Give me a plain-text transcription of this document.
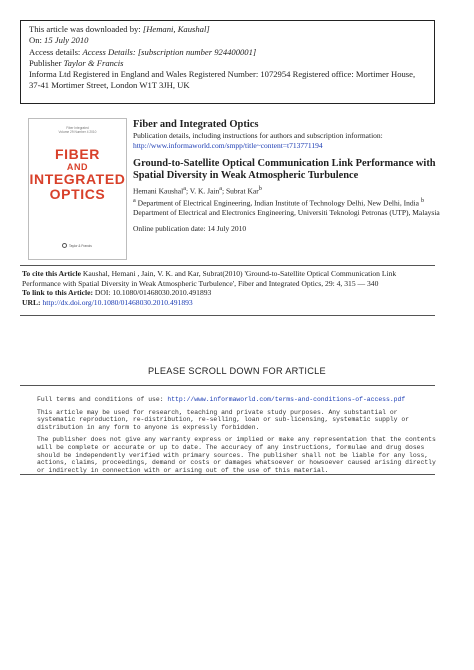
This article was downloaded by: [Hemani, Kaushal]
On: 15 July 2010
Access details: Access Details: [subscription number 924400001]
Publisher Taylor & Francis
Informa Ltd Registered in England and Wales Registered Number: 1072954 Registered office: Mortimer House, 37-41 Mortimer Street, London W1T 3JH, UK
Fiber Integrated
Volume 29 Number 4 2010
FIBER
AND
INTEGRATED
OPTICS
Taylor & Francis
Fiber and Integrated Optics
Publication details, including instructions for authors and subscription information:
http://www.informaworld.com/smpp/title~content=t713771194
Ground-to-Satellite Optical Communication Link Performance with Spatial Diversity in Weak Atmospheric Turbulence
Hemani Kaushal$^a$; V. K. Jain$^a$; Subrat Kar$^b$
$^a$ Department of Electrical Engineering, Indian Institute of Technology Delhi, New Delhi, India $^b$
Department of Electrical and Electronics Engineering, Universiti Teknologi Petronas (UTP), Malaysia
Online publication date: 14 July 2010
To cite this Article Kaushal, Hemani , Jain, V. K. and Kar, Subrat(2010) 'Ground-to-Satellite Optical Communication Link Performance with Spatial Diversity in Weak Atmospheric Turbulence', Fiber and Integrated Optics, 29: 4, 315 — 340
To link to this Article: DOI: 10.1080/01468030.2010.491893
URL: http://dx.doi.org/10.1080/01468030.2010.491893
PLEASE SCROLL DOWN FOR ARTICLE

Full terms and conditions of use: http://www.informaworld.com/terms-and-conditions-of-access.pdf

This article may be used for research, teaching and private study purposes. Any substantial or
systematic reproduction, re-distribution, re-selling, loan or sub-licensing, systematic supply or
distribution in any form to anyone is expressly forbidden.

The publisher does not give any warranty express or implied or make any representation that the contents
will be complete or accurate or up to date. The accuracy of any instructions, formulae and drug doses
should be independently verified with primary sources. The publisher shall not be liable for any loss,
actions, claims, proceedings, demand or costs or damages whatsoever or howsoever caused arising directly
or indirectly in connection with or arising out of the use of this material.
